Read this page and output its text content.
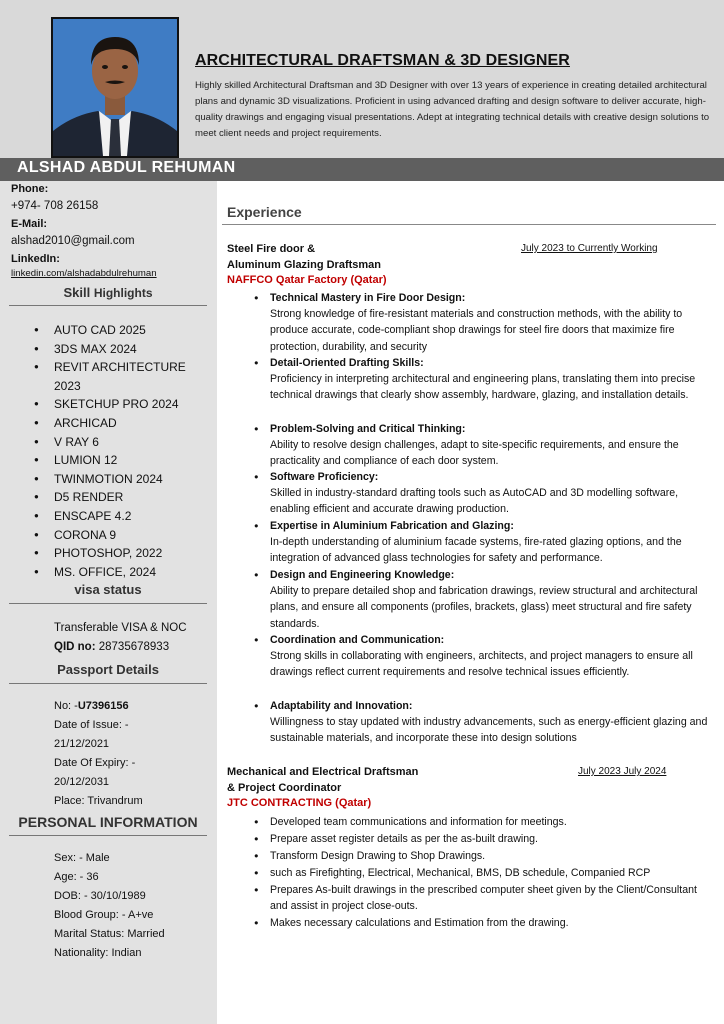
ARCHITECTURAL DRAFTSMAN & 3D DESIGNER
Highly skilled Architectural Draftsman and 3D Designer with over 13 years of experience in creating detailed architectural plans and dynamic 3D visualizations. Proficient in using advanced drafting and design software to deliver accurate, high-quality drawings and engaging visual presentations. Adept at integrating technical details with creative design solutions to meet client needs and project requirements.
ALSHAD ABDUL REHUMAN
Phone:
+974- 708 26158
E-Mail:
alshad2010@gmail.com
LinkedIn:
linkedin.com/alshadabdulrehuman
Skill Highlights
● AUTO CAD 2025
● 3DS MAX 2024
● REVIT ARCHITECTURE 2023
● SKETCHUP PRO 2024
● ARCHICAD
● V RAY 6
● LUMION 12
● TWINMOTION 2024
● D5 RENDER
● ENSCAPE 4.2
● CORONA 9
● PHOTOSHOP, 2022
● MS. OFFICE, 2024
visa status
Transferable VISA & NOC
QID no: 28735678933
Passport Details
No: -U7396156
Date of Issue: -
21/12/2021
Date Of Expiry: -
20/12/2031
Place: Trivandrum
PERSONAL INFORMATION
Sex: - Male
Age: - 36
DOB: - 30/10/1989
Blood Group: - A+ve
Marital Status: Married
Nationality: Indian
Experience
Steel Fire door &
Aluminum Glazing Draftsman
July 2023 to Currently Working
NAFFCO Qatar Factory (Qatar)
● Technical Mastery in Fire Door Design:
Strong knowledge of fire-resistant materials and construction methods, with the ability to produce accurate, code-compliant shop drawings for steel fire doors that maximize fire protection, durability, and security
● Detail-Oriented Drafting Skills:
Proficiency in interpreting architectural and engineering plans, translating them into precise technical drawings that clearly show assembly, hardware, glazing, and installation details.
● Problem-Solving and Critical Thinking:
Ability to resolve design challenges, adapt to site-specific requirements, and ensure the practicality and compliance of each door system.
● Software Proficiency:
Skilled in industry-standard drafting tools such as AutoCAD and 3D modelling software, enabling efficient and accurate drawing production.
● Expertise in Aluminium Fabrication and Glazing:
In-depth understanding of aluminium facade systems, fire-rated glazing options, and the integration of advanced glass technologies for safety and performance.
● Design and Engineering Knowledge:
Ability to prepare detailed shop and fabrication drawings, review structural and architectural plans, and ensure all components (profiles, brackets, glass) meet structural and fire safety standards.
● Coordination and Communication:
Strong skills in collaborating with engineers, architects, and project managers to ensure all drawings reflect current requirements and resolve technical issues efficiently.
● Adaptability and Innovation:
Willingness to stay updated with industry advancements, such as energy-efficient glazing and sustainable materials, and incorporate these into design solutions
Mechanical and Electrical Draftsman
& Project Coordinator
July 2023 July 2024
JTC CONTRACTING (Qatar)
● Developed team communications and information for meetings.
● Prepare asset register details as per the as-built drawing.
● Transform Design Drawing to Shop Drawings.
● such as Firefighting, Electrical, Mechanical, BMS, DB schedule, Companied RCP
● Prepares As-built drawings in the prescribed computer sheet given by the Client/Consultant and assist in project close-outs.
● Makes necessary calculations and Estimation from the drawing.
